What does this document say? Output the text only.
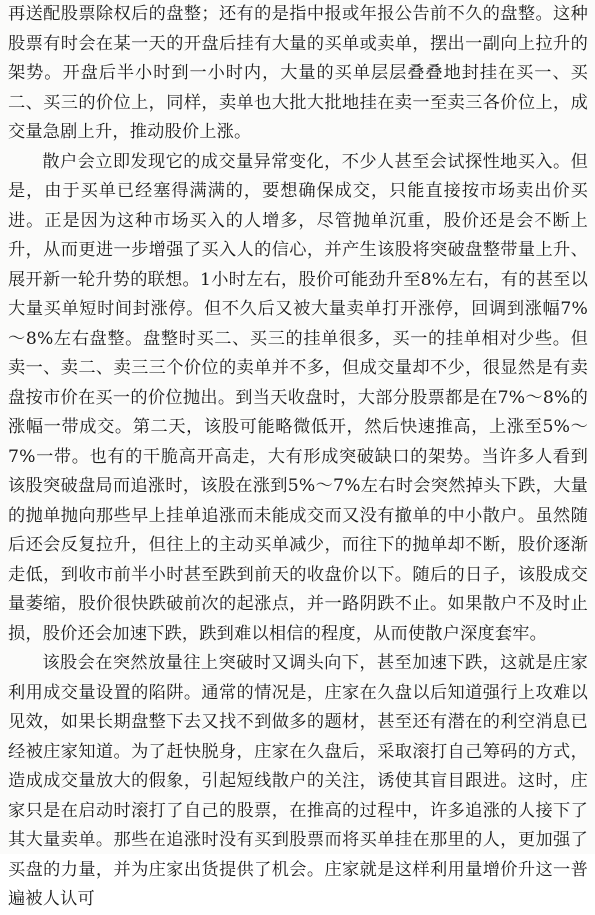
再送配股票除权后的盘整；还有的是指中报或年报公告前不久的盘整。这种股票有时会在某一天的开盘后挂有大量的买单或卖单，摆出一副向上拉升的架势。开盘后半小时到一小时内，大量的买单层层叠叠地封挂在买一、买二、买三的价位上，同样，卖单也大批大批地挂在卖一至卖三各价位上，成交量急剧上升，推动股价上涨。

散户会立即发现它的成交量异常变化，不少人甚至会试探性地买入。但是，由于买单已经塞得满满的，要想确保成交，只能直接按市场卖出价买进。正是因为这种市场买入的人增多，尽管抛单沉重，股价还是会不断上升，从而更进一步增强了买入人的信心，并产生该股将突破盘整带量上升、展开新一轮升势的联想。1小时左右，股价可能劲升至8%左右，有的甚至以大量买单短时间封涨停。但不久后又被大量卖单打开涨停，回调到涨幅7%～8%左右盘整。盘整时买二、买三的挂单很多，买一的挂单相对少些。但卖一、卖二、卖三三个价位的卖单并不多，但成交量却不少，很显然是有卖盘按市价在买一的价位抛出。到当天收盘时，大部分股票都是在7%～8%的涨幅一带成交。第二天，该股可能略微低开，然后快速推高，上涨至5%～7%一带。也有的干脆高开高走，大有形成突破缺口的架势。当许多人看到该股突破盘局而追涨时，该股在涨到5%～7%左右时会突然掉头下跌，大量的抛单抛向那些早上挂单追涨而未能成交而又没有撤单的中小散户。虽然随后还会反复拉升，但往上的主动买单减少，而往下的抛单却不断，股价逐渐走低，到收市前半小时甚至跌到前天的收盘价以下。随后的日子，该股成交量萎缩，股价很快跌破前次的起涨点，并一路阴跌不止。如果散户不及时止损，股价还会加速下跌，跌到难以相信的程度，从而使散户深度套牢。

该股会在突然放量往上突破时又调头向下，甚至加速下跌，这就是庄家利用成交量设置的陷阱。通常的情况是，庄家在久盘以后知道强行上攻难以见效，如果长期盘整下去又找不到做多的题材，甚至还有潜在的利空消息已经被庄家知道。为了赶快脱身，庄家在久盘后，采取滚打自己筹码的方式，造成成交量放大的假象，引起短线散户的关注，诱使其盲目跟进。这时，庄家只是在启动时滚打了自己的股票，在推高的过程中，许多追涨的人接下了其大量卖单。那些在追涨时没有买到股票而将买单挂在那里的人，更加强了买盘的力量，并为庄家出货提供了机会。庄家就是这样利用量增价升这一普遍被人认可
